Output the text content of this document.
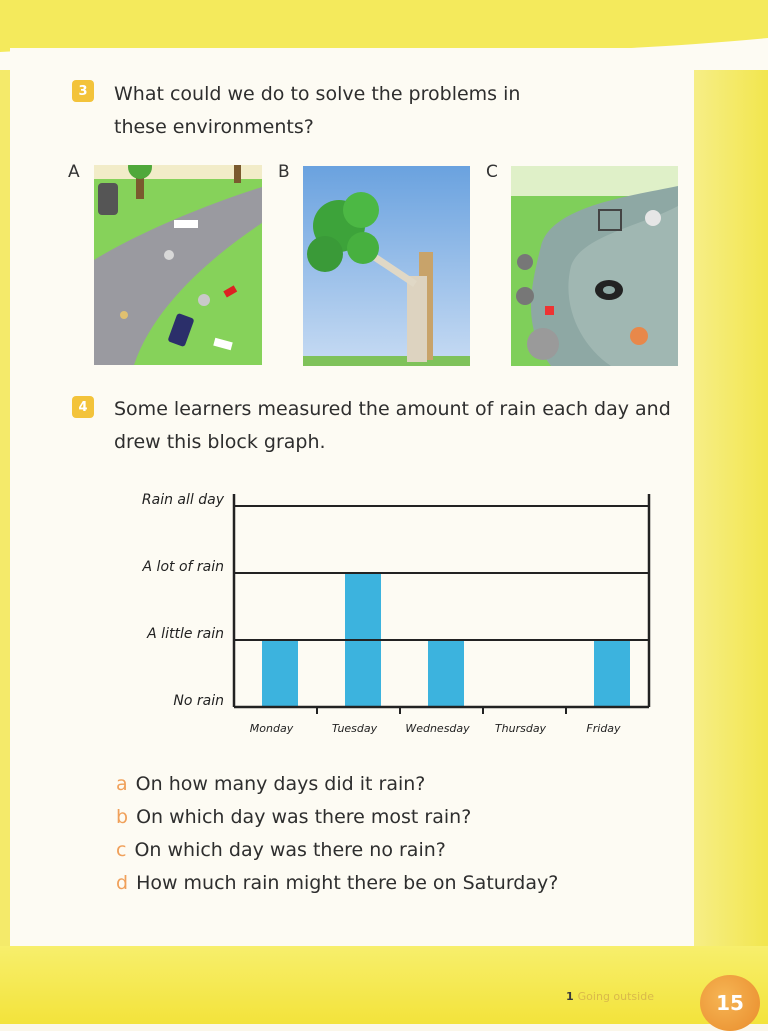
3	What could we do to solve the problems in
these environments?
A	B	C
4	Some learners measured the amount of rain each day and
drew this block graph.
No rain
A little rain
A lot of rain
Rain all day
Monday	Tuesday	Wednesday Thursday	Friday
a On how many days did it rain?
b On which day was there most rain?
c On which day was there no rain?
d How much rain might there be on Saturday?
1 Going outside	15
